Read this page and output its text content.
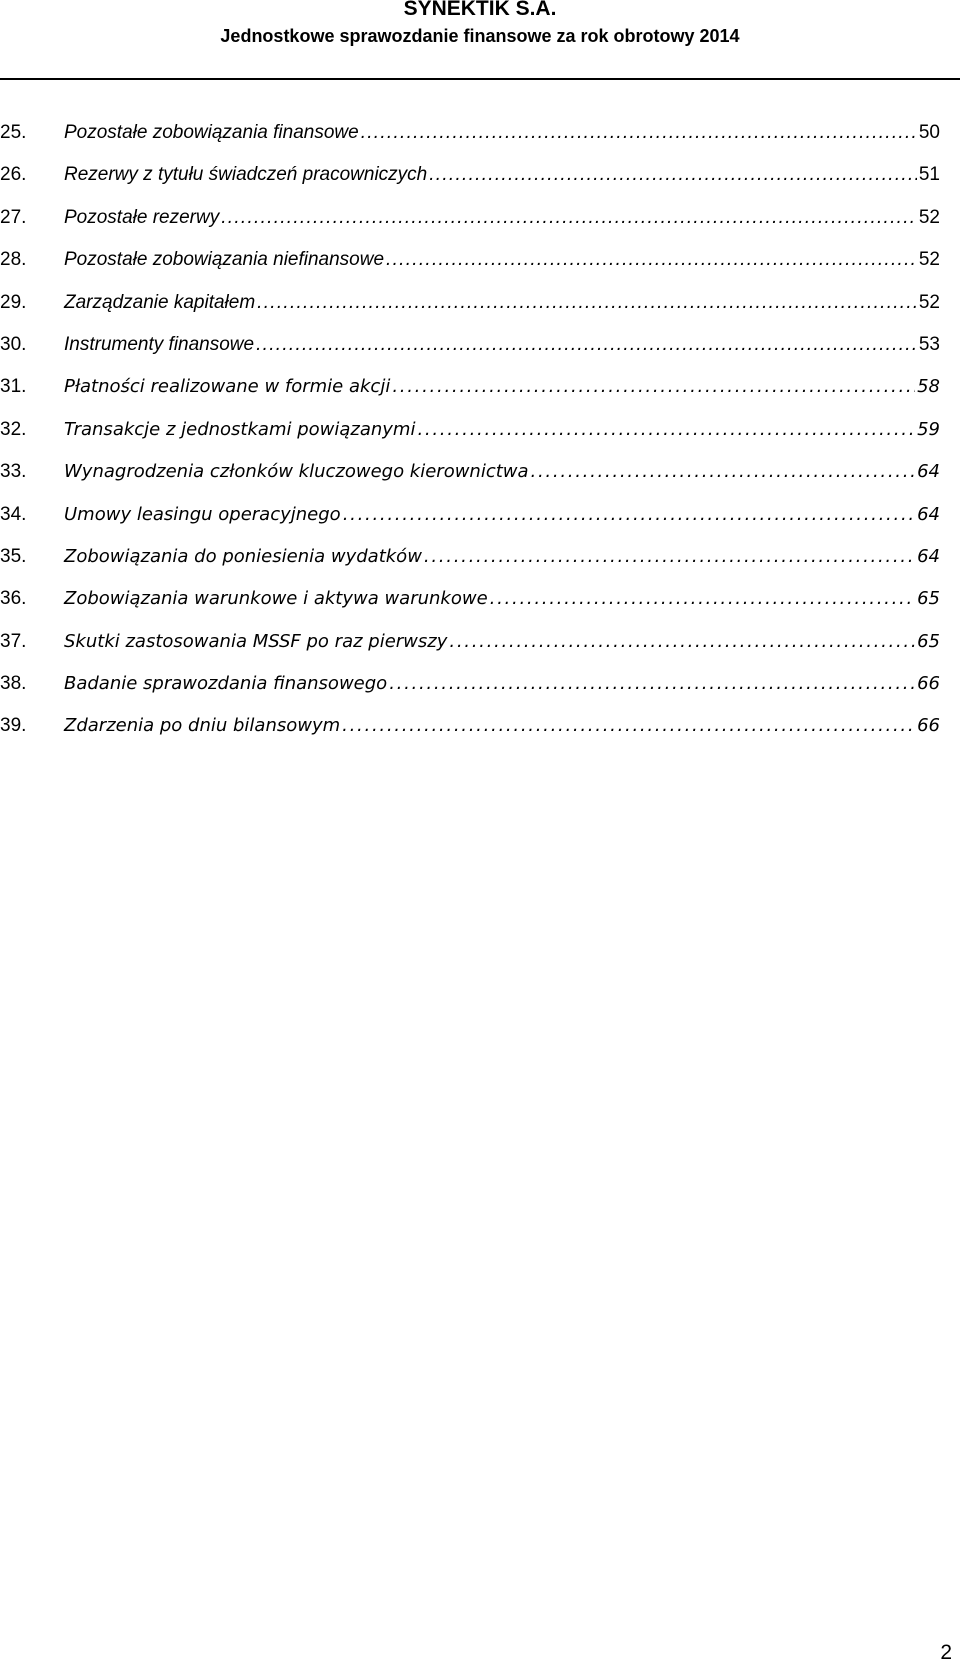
SYNEKTIK S.A.
Jednostkowe sprawozdanie finansowe za rok obrotowy 2014
25. Pozostałe zobowiązania finansowe . . .	50
26. Rezerwy z tytułu świadczeń pracowniczych . . .	51
27. Pozostałe rezerwy . . .	52
28. Pozostałe zobowiązania niefinansowe . . .	52
29. Zarządzanie kapitałem . . .	52
30. Instrumenty finansowe . . .	53
31. Płatności realizowane w formie akcji . . .	58
32. Transakcje z jednostkami powiązanymi . . .	59
33. Wynagrodzenia członków kluczowego kierownictwa . . .	64
34. Umowy leasingu operacyjnego . . .	64
35. Zobowiązania do poniesienia wydatków . . .	64
36. Zobowiązania warunkowe i aktywa warunkowe . . .	65
37. Skutki zastosowania MSSF po raz pierwszy . . .	65
38. Badanie sprawozdania finansowego . . .	66
39. Zdarzenia po dniu bilansowym . . .	66
2
